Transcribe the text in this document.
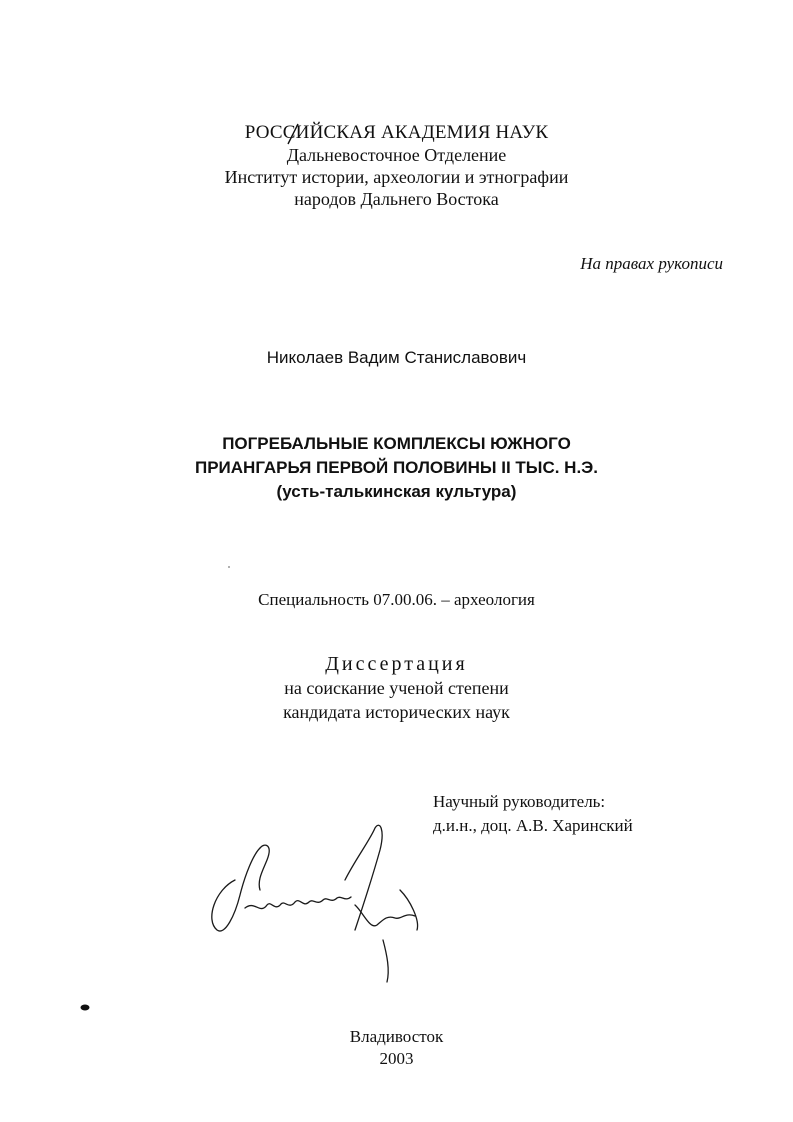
РОССИЙСКАЯ АКАДЕМИЯ НАУК
Дальневосточное Отделение
Институт истории, археологии и этнографии
народов Дальнего Востока
На правах рукописи
Николаев Вадим Станиславович
ПОГРЕБАЛЬНЫЕ КОМПЛЕКСЫ ЮЖНОГО
ПРИАНГАРЬЯ ПЕРВОЙ ПОЛОВИНЫ II ТЫС. Н.Э.
(усть-талькинская культура)
Специальность 07.00.06. – археология
Диссертация
на соискание ученой степени
кандидата исторических наук
Научный руководитель:
д.и.н., доц. А.В. Харинский
Владивосток
2003
